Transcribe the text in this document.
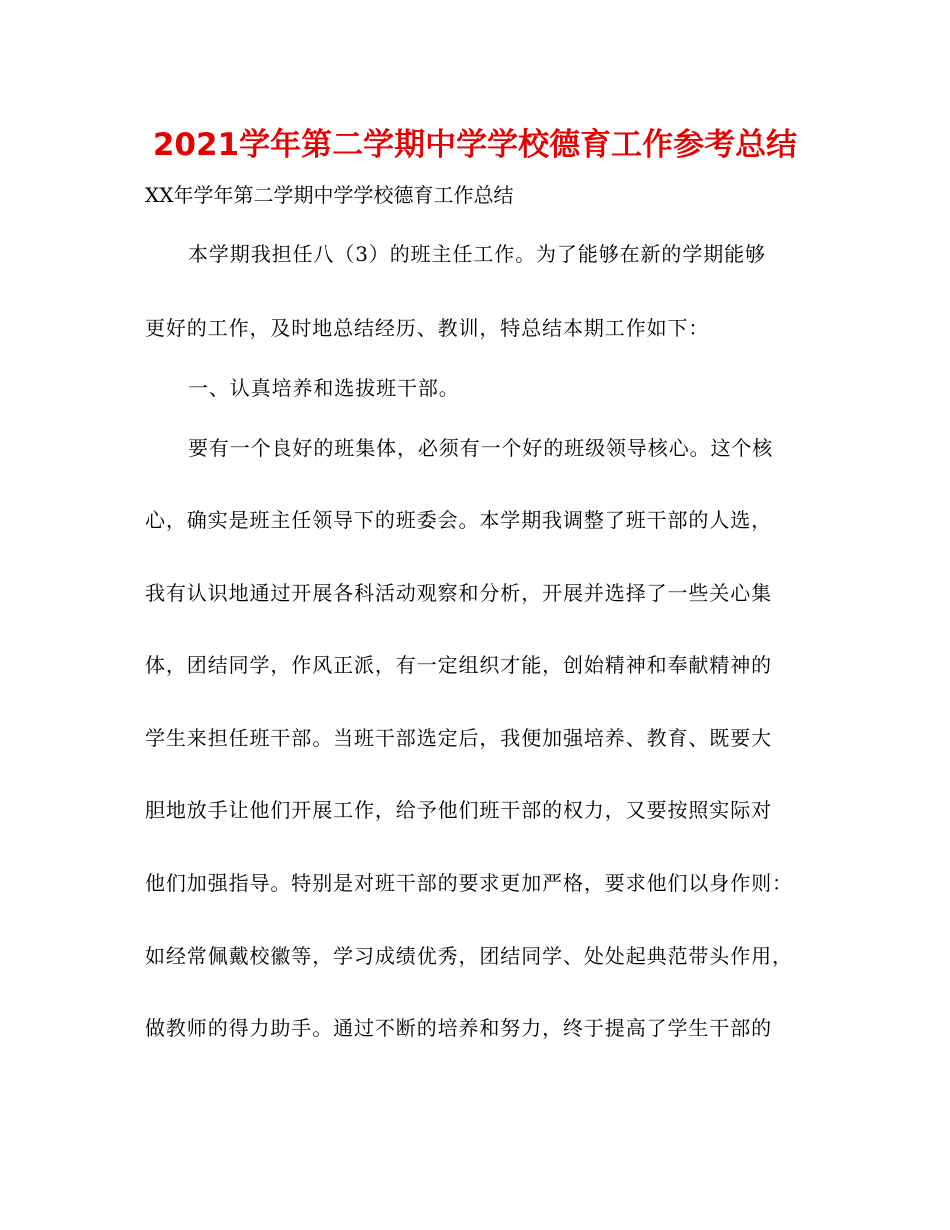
2021学年第二学期中学学校德育工作参考总结
XX年学年第二学期中学学校德育工作总结
本学期我担任八（3）的班主任工作。为了能够在新的学期能够
更好的工作，及时地总结经历、教训，特总结本期工作如下：
一、认真培养和选拔班干部。
要有一个良好的班集体，必须有一个好的班级领导核心。这个核
心，确实是班主任领导下的班委会。本学期我调整了班干部的人选，
我有认识地通过开展各科活动观察和分析，开展并选择了一些关心集
体，团结同学，作风正派，有一定组织才能，创始精神和奉献精神的
学生来担任班干部。当班干部选定后，我便加强培养、教育、既要大
胆地放手让他们开展工作，给予他们班干部的权力，又要按照实际对
他们加强指导。特别是对班干部的要求更加严格，要求他们以身作则：
如经常佩戴校徽等，学习成绩优秀，团结同学、处处起典范带头作用，
做教师的得力助手。通过不断的培养和努力，终于提高了学生干部的
